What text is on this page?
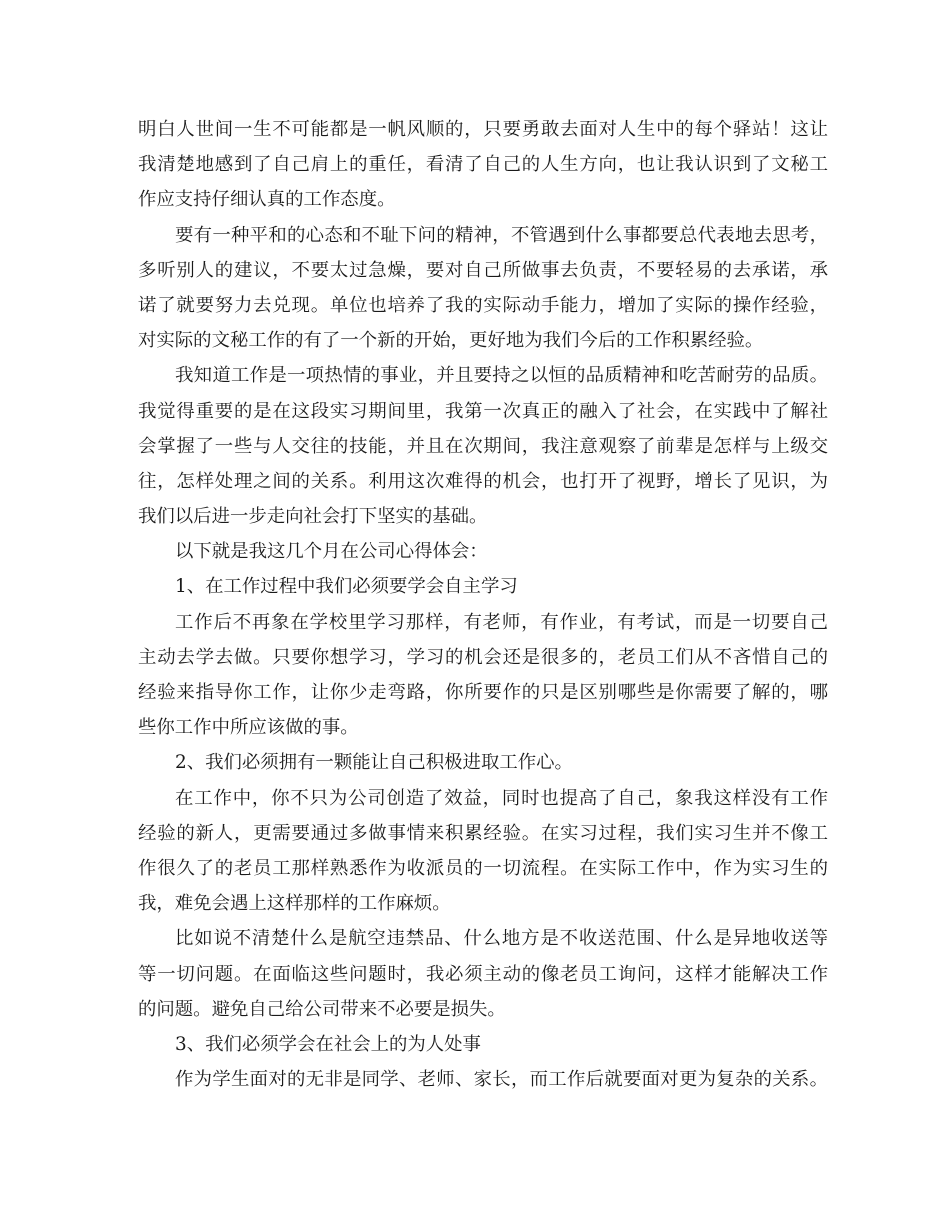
明白人世间一生不可能都是一帆风顺的，只要勇敢去面对人生中的每个驿站！这让
我清楚地感到了自己肩上的重任，看清了自己的人生方向，也让我认识到了文秘工
作应支持仔细认真的工作态度。
要有一种平和的心态和不耻下问的精神，不管遇到什么事都要总代表地去思考，
多听别人的建议，不要太过急燥，要对自己所做事去负责，不要轻易的去承诺，承
诺了就要努力去兑现。单位也培养了我的实际动手能力，增加了实际的操作经验，
对实际的文秘工作的有了一个新的开始，更好地为我们今后的工作积累经验。
我知道工作是一项热情的事业，并且要持之以恒的品质精神和吃苦耐劳的品质。
我觉得重要的是在这段实习期间里，我第一次真正的融入了社会，在实践中了解社
会掌握了一些与人交往的技能，并且在次期间，我注意观察了前辈是怎样与上级交
往，怎样处理之间的关系。利用这次难得的机会，也打开了视野，增长了见识，为
我们以后进一步走向社会打下坚实的基础。
以下就是我这几个月在公司心得体会：
1、在工作过程中我们必须要学会自主学习
工作后不再象在学校里学习那样，有老师，有作业，有考试，而是一切要自己
主动去学去做。只要你想学习，学习的机会还是很多的，老员工们从不吝惜自己的
经验来指导你工作，让你少走弯路，你所要作的只是区别哪些是你需要了解的，哪
些你工作中所应该做的事。
2、我们必须拥有一颗能让自己积极进取工作心。
在工作中，你不只为公司创造了效益，同时也提高了自己，象我这样没有工作
经验的新人，更需要通过多做事情来积累经验。在实习过程，我们实习生并不像工
作很久了的老员工那样熟悉作为收派员的一切流程。在实际工作中，作为实习生的
我，难免会遇上这样那样的工作麻烦。
比如说不清楚什么是航空违禁品、什么地方是不收送范围、什么是异地收送等
等一切问题。在面临这些问题时，我必须主动的像老员工询问，这样才能解决工作
的问题。避免自己给公司带来不必要是损失。
3、我们必须学会在社会上的为人处事
作为学生面对的无非是同学、老师、家长，而工作后就要面对更为复杂的关系。
